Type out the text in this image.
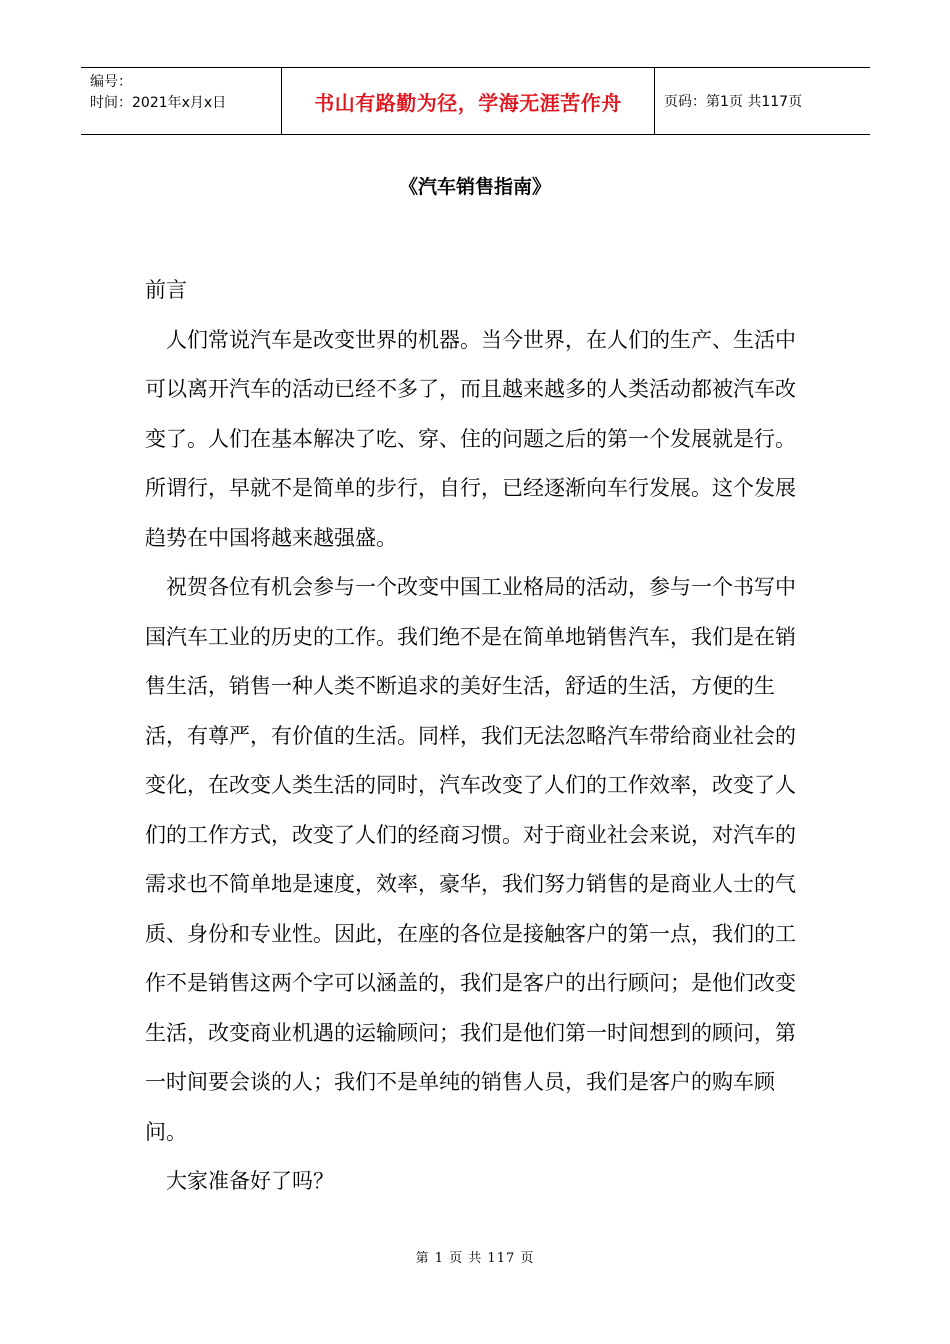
编号：
时间：2021年x月x日	书山有路勤为径，学海无涯苦作舟	页码：第1页 共117页
《汽车销售指南》

前言

人们常说汽车是改变世界的机器。当今世界，在人们的生产、生活中可以离开汽车的活动已经不多了，而且越来越多的人类活动都被汽车改变了。人们在基本解决了吃、穿、住的问题之后的第一个发展就是行。所谓行，早就不是简单的步行，自行，已经逐渐向车行发展。这个发展趋势在中国将越来越强盛。

祝贺各位有机会参与一个改变中国工业格局的活动，参与一个书写中国汽车工业的历史的工作。我们绝不是在简单地销售汽车，我们是在销售生活，销售一种人类不断追求的美好生活，舒适的生活，方便的生活，有尊严，有价值的生活。同样，我们无法忽略汽车带给商业社会的变化，在改变人类生活的同时，汽车改变了人们的工作效率，改变了人们的工作方式，改变了人们的经商习惯。对于商业社会来说，对汽车的需求也不简单地是速度，效率，豪华，我们努力销售的是商业人士的气质、身份和专业性。因此，在座的各位是接触客户的第一点，我们的工作不是销售这两个字可以涵盖的，我们是客户的出行顾问；是他们改变生活，改变商业机遇的运输顾问；我们是他们第一时间想到的顾问，第一时间要会谈的人；我们不是单纯的销售人员，我们是客户的购车顾问。

大家准备好了吗？

第 1 页 共 117 页
